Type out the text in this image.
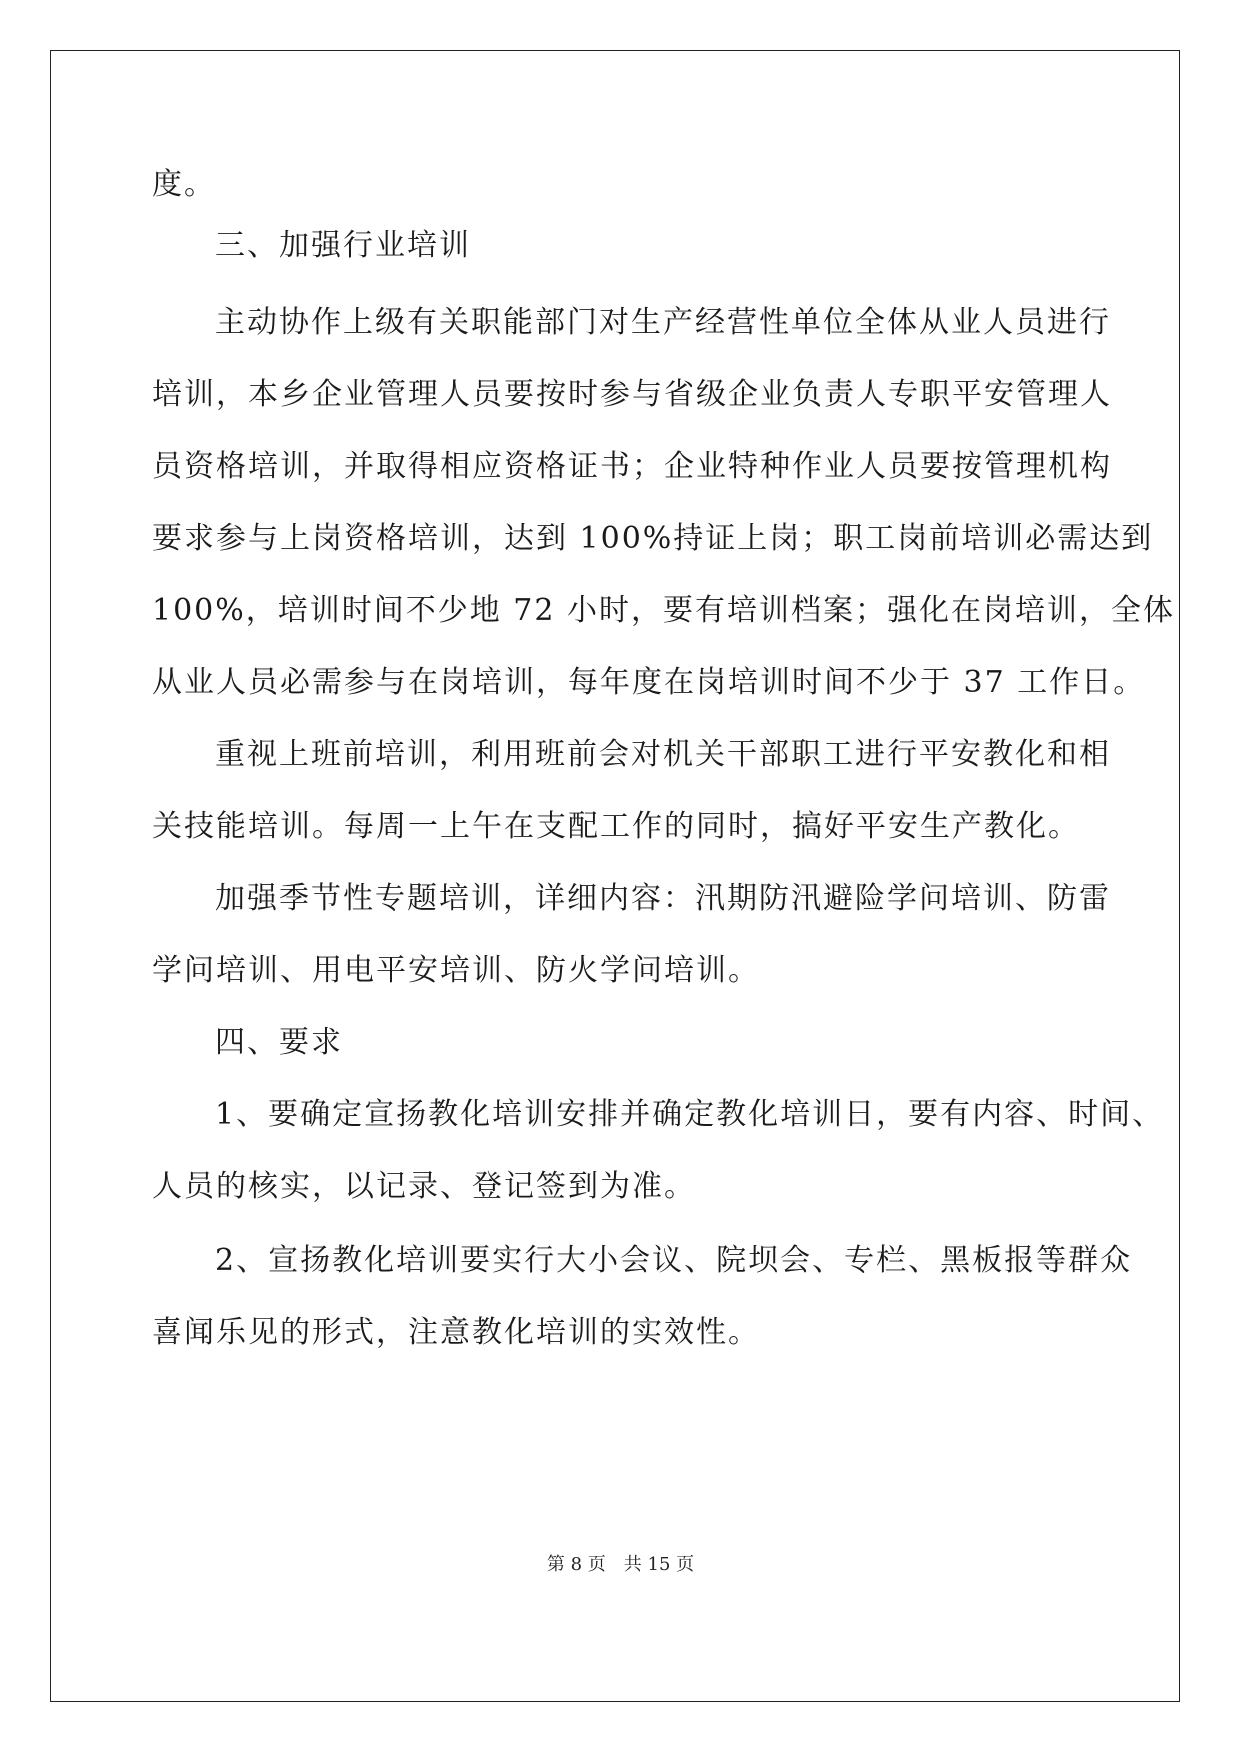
度。
三、加强行业培训
主动协作上级有关职能部门对生产经营性单位全体从业人员进行
培训，本乡企业管理人员要按时参与省级企业负责人专职平安管理人
员资格培训，并取得相应资格证书；企业特种作业人员要按管理机构
要求参与上岗资格培训，达到 100%持证上岗；职工岗前培训必需达到
100%，培训时间不少地 72 小时，要有培训档案；强化在岗培训，全体
从业人员必需参与在岗培训，每年度在岗培训时间不少于 37 工作日。
重视上班前培训，利用班前会对机关干部职工进行平安教化和相
关技能培训。每周一上午在支配工作的同时，搞好平安生产教化。
加强季节性专题培训，详细内容：汛期防汛避险学问培训、防雷
学问培训、用电平安培训、防火学问培训。
四、要求
1、要确定宣扬教化培训安排并确定教化培训日，要有内容、时间、
人员的核实，以记录、登记签到为准。
2、宣扬教化培训要实行大小会议、院坝会、专栏、黑板报等群众
喜闻乐见的形式，注意教化培训的实效性。
第 8 页　共 15 页
